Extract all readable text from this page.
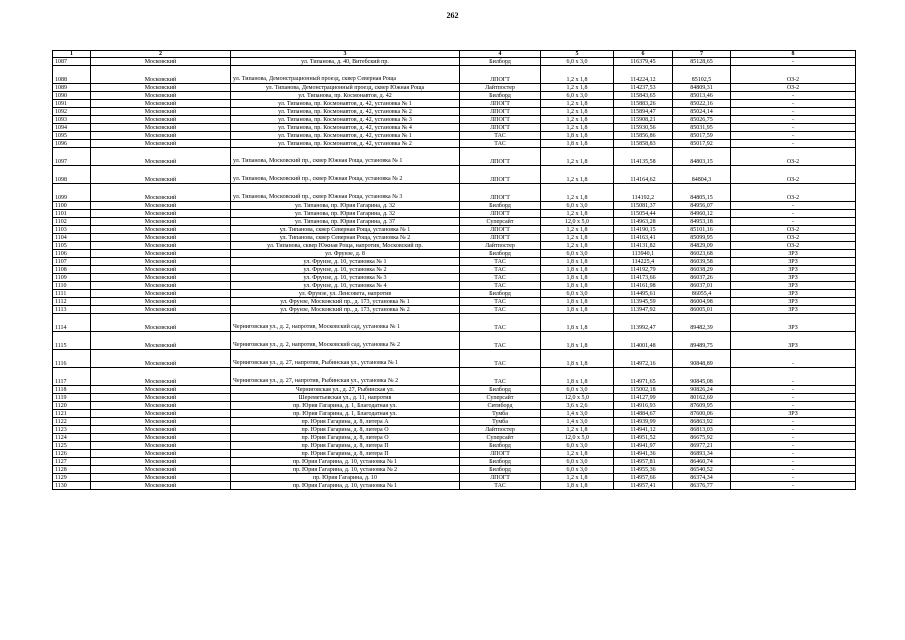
262
1	2	3	4	5	6	7	8
1087	Московский	ул. Типанова, д. 40, Витебский пр.	Билборд	6,0 x 3,0	116379,45	85128,65	-
1088	Московский	ул. Типанова, Демонстрационный проезд, сквер Северная Роща	ЛПОГТ	1,2 x 1,8	114224,12	85102,5	ОЗ-2
1089	Московский	ул. Типанова, Демонстрационный проезд, сквер Южная Роща	Лайтпостер	1,2 x 1,8	114237,53	84809,31	ОЗ-2
1090	Московский	ул. Типанова, пр. Космонавтов, д. 42	Билборд	6,0 x 3,0	115843,65	85013,46	-
1091	Московский	ул. Типанова, пр. Космонавтов, д. 42, установка № 1	ЛПОГТ	1,2 x 1,8	115883,26	85022,16	-
1092	Московский	ул. Типанова, пр. Космонавтов, д. 42, установка № 2	ЛПОГТ	1,2 x 1,8	115894,47	85024,14	-
1093	Московский	ул. Типанова, пр. Космонавтов, д. 42, установка № 3	ЛПОГТ	1,2 x 1,8	115908,21	85026,75	-
1094	Московский	ул. Типанова, пр. Космонавтов, д. 42, установка № 4	ЛПОГТ	1,2 x 1,8	115930,56	85031,95	-
1095	Московский	ул. Типанова, пр. Космонавтов, д. 42, установка № 1	ТАС	1,8 x 1,8	115856,86	85017,59	-
1096	Московский	ул. Типанова, пр. Космонавтов, д. 42, установка № 2	ТАС	1,8 x 1,8	115858,83	85017,92	-
1097	Московский	ул. Типанова, Московский пр., сквер Южная Роща, установка № 1	ЛПОГТ	1,2 x 1,8	114135,58	84803,15	ОЗ-2
1098	Московский	ул. Типанова, Московский пр., сквер Южная Роща, установка № 2	ЛПОГТ	1,2 x 1,8	114164,62	84804,3	ОЗ-2
1099	Московский	ул. Типанова, Московский пр., сквер Южная Роща, установка № 3	ЛПОГТ	1,2 x 1,8	114192,2	84805,15	ОЗ-2
1100	Московский	ул. Типанова, пр. Юрия Гагарина, д. 32	Билборд	6,0 x 3,0	115081,37	84956,07	-
1101	Московский	ул. Типанова, пр. Юрия Гагарина, д. 32	ЛПОГТ	1,2 x 1,8	115054,44	84960,12	-
1102	Московский	ул. Типанова, пр. Юрия Гагарина, д. 37	Суперсайт	12,0 x 5,0	114963,28	84953,18	-
1103	Московский	ул. Типанова, сквер Северная Роща, установка № 1	ЛПОГТ	1,2 x 1,8	114190,15	85101,16	ОЗ-2
1104	Московский	ул. Типанова, сквер Северная Роща, установка № 2	ЛПОГТ	1,2 x 1,8	114163,41	85099,95	ОЗ-2
1105	Московский	ул. Типанова, сквер Южная Роща, напротив, Московский пр.	Лайтпостер	1,2 x 1,8	114131,82	84829,09	ОЗ-2
1106	Московский	ул. Фрунзе, д. 8	Билборд	6,0 x 3,0	113940,1	86023,68	ЗРЗ
1107	Московский	ул. Фрунзе, д. 10, установка № 1	ТАС	1,8 x 1,8	114225,4	86039,58	ЗРЗ
1108	Московский	ул. Фрунзе, д. 10, установка № 2	ТАС	1,8 x 1,8	114192,79	86038,29	ЗРЗ
1109	Московский	ул. Фрунзе, д. 10, установка № 3	ТАС	1,8 x 1,8	114173,66	86037,26	ЗРЗ
1110	Московский	ул. Фрунзе, д. 10, установка № 4	ТАС	1,8 x 1,8	114161,98	86037,01	ЗРЗ
1111	Московский	ул. Фрунзе, ул. Ленсовета, напротив	Билборд	6,0 x 3,0	114495,61	86055,4	ЗРЗ
1112	Московский	ул. Фрунзе, Московский пр., д. 173, установка № 1	ТАС	1,8 x 1,8	113945,59	86004,98	ЗРЗ
1113	Московский	ул. Фрунзе, Московский пр., д. 173, установка № 2	ТАС	1,8 x 1,8	113947,92	86005,01	ЗРЗ
1114	Московский	Черниговская ул., д. 2, напротив, Московский сад, установка № 1	ТАС	1,8 x 1,8	113992,47	89482,39	ЗРЗ
1115	Московский	Черниговская ул., д. 2, напротив, Московский сад, установка № 2	ТАС	1,8 x 1,8	114001,48	89489,75	ЗРЗ
1116	Московский	Черниговская ул., д. 27, напротив, Рыбинская ул., установка № 1	ТАС	1,8 x 1,8	114972,16	90848,89	-
1117	Московский	Черниговская ул., д. 27, напротив, Рыбинская ул., установка № 2	ТАС	1,8 x 1,8	114971,65	90845,08	-
1118	Московский	Черниговская ул., д. 27, Рыбинская ул.	Билборд	6,0 x 3,0	115002,18	90826,24	-
1119	Московский	Шереметьевская ул., д. 11, напротив	Суперсайт	12,0 x 5,0	114127,99	80162,69	-
1120	Московский	пр. Юрия Гагарина, д. 1, Благодатная ул.	Ситиборд	3,6 x 2,6	114916,93	87609,95	-
1121	Московский	пр. Юрия Гагарина, д. 1, Благодатная ул.	Тумба	1,4 x 3,0	114884,67	87600,06	ЗРЗ
1122	Московский	пр. Юрия Гагарина, д. 8, литера А	Тумба	1,4 x 3,0	114939,99	86863,92	-
1123	Московский	пр. Юрия Гагарина, д. 8, литера О	Лайтпостер	1,2 x 1,8	114941,12	86813,03	-
1124	Московский	пр. Юрия Гагарина, д. 8, литера О	Суперсайт	12,0 x 5,0	114951,52	86675,92	-
1125	Московский	пр. Юрия Гагарина, д. 8, литера П	Билборд	6,0 x 3,0	114941,97	86977,21	-
1126	Московский	пр. Юрия Гагарина, д. 8, литера П	ЛПОГТ	1,2 x 1,8	114941,36	86893,34	-
1127	Московский	пр. Юрия Гагарина, д. 10, установка № 1	Билборд	6,0 x 3,0	114957,81	86460,74	-
1128	Московский	пр. Юрия Гагарина, д. 10, установка № 2	Билборд	6,0 x 3,0	114955,36	86540,52	-
1129	Московский	пр. Юрия Гагарина, д. 10	ЛПОГТ	1,2 x 1,8	114957,66	86374,34	-
1130	Московский	пр. Юрия Гагарина, д. 10, установка № 1	ТАС	1,8 x 1,8	114957,41	86376,77	-
